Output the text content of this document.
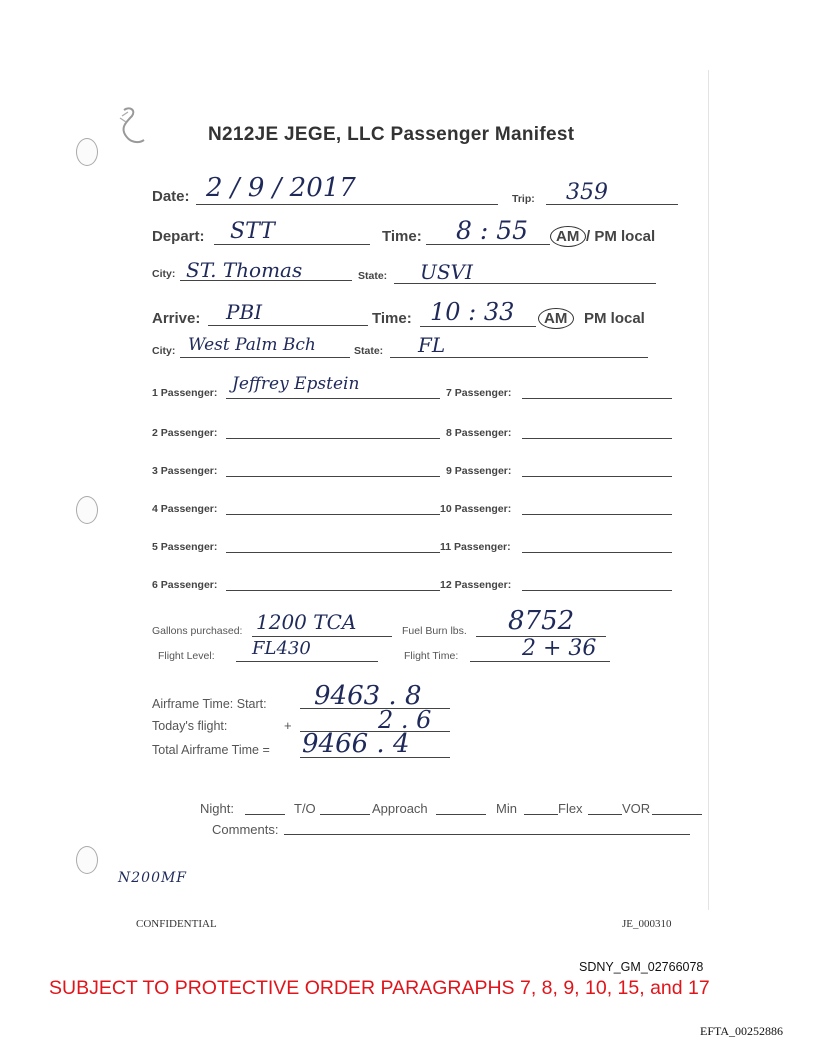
N212JE JEGE, LLC Passenger Manifest
Date: 2 / 9 / 2017	Trip: 359
Depart: STT	Time: 8 : 55 AM / PM local
City: ST. Thomas	State: USVI
Arrive: PBI	Time: 10 : 33 AM PM local
City: West Palm Bch	State: FL
1 Passenger: Jeffrey Epstein
2 Passenger:
3 Passenger:
4 Passenger:
5 Passenger:
6 Passenger:
7 Passenger:
8 Passenger:
9 Passenger:
10 Passenger:
11 Passenger:
12 Passenger:
Gallons purchased: 1200 TCA	Fuel Burn lbs. 8752
Flight Level: FL430	Flight Time:	2 + 36
Airframe Time: Start: 9463 . 8
Today's flight:	+	2 . 6
Total Airframe Time = 9466 . 4
Night:	T/O	Approach	Min	Flex	VOR
Comments:
N200MF
CONFIDENTIAL	JE_000310
SDNY_GM_02766078
SUBJECT TO PROTECTIVE ORDER PARAGRAPHS 7, 8, 9, 10, 15, and 17
EFTA_00252886
